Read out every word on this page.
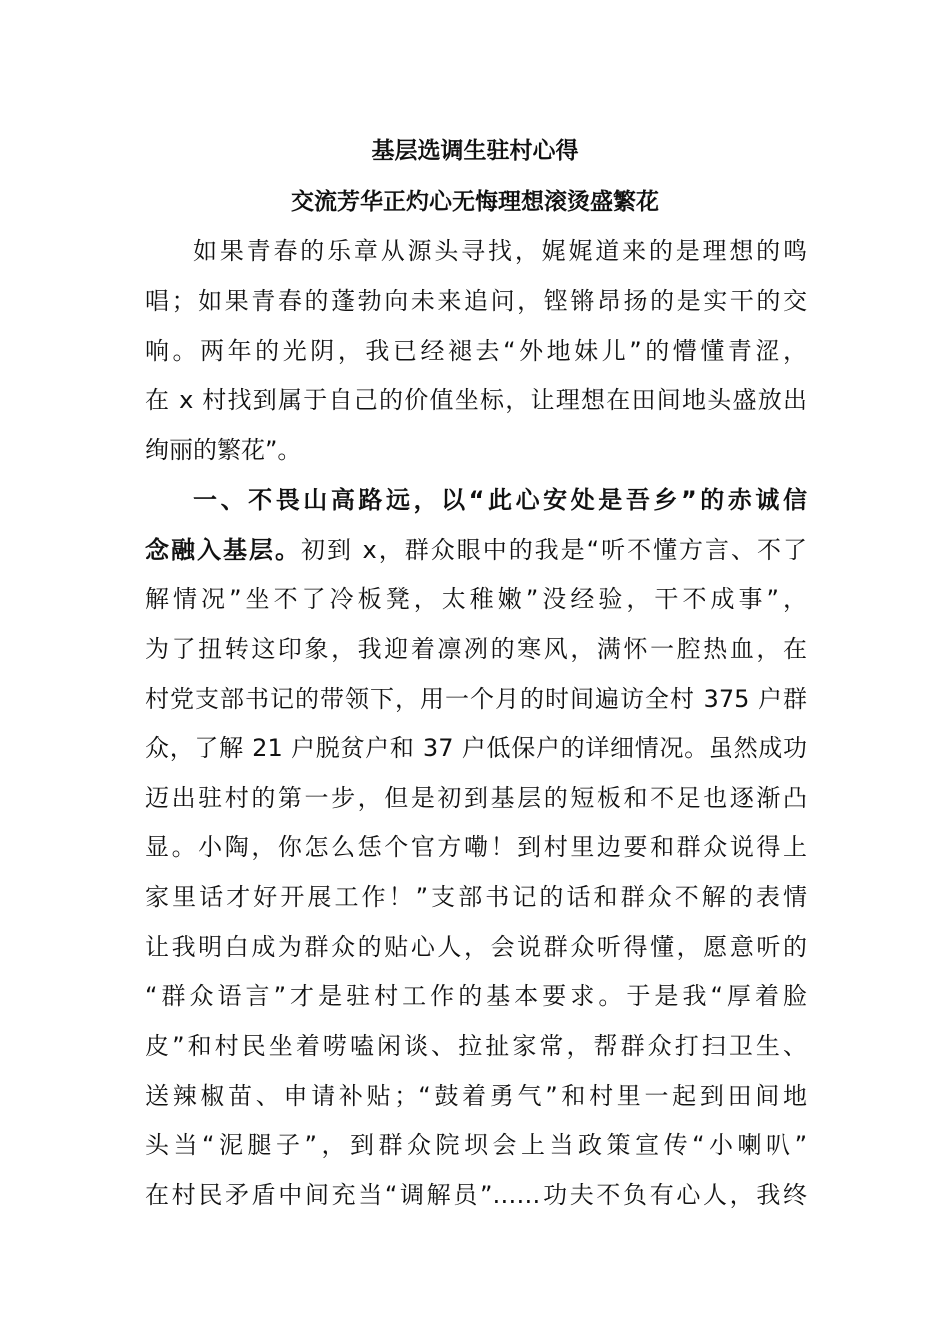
基层选调生驻村心得
交流芳华正灼心无悔理想滚烫盛繁花
如果青春的乐章从源头寻找，娓娓道来的是理想的鸣
唱；如果青春的蓬勃向未来追问，铿锵昂扬的是实干的交
响。两年的光阴，我已经褪去“外地妹儿”的懵懂青涩，
在 x 村找到属于自己的价值坐标，让理想在田间地头盛放出
绚丽的繁花”。
一、不畏山高路远，以“此心安处是吾乡”的赤诚信
念融入基层。初到 x，群众眼中的我是“听不懂方言、不了
解情况”坐不了冷板凳，太稚嫩”没经验，干不成事”，
为了扭转这印象，我迎着凛冽的寒风，满怀一腔热血，在
村党支部书记的带领下，用一个月的时间遍访全村 375 户群
众，了解 21 户脱贫户和 37 户低保户的详细情况。虽然成功
迈出驻村的第一步，但是初到基层的短板和不足也逐渐凸
显。小陶，你怎么恁个官方嘞！到村里边要和群众说得上
家里话才好开展工作！”支部书记的话和群众不解的表情
让我明白成为群众的贴心人，会说群众听得懂，愿意听的
“群众语言”才是驻村工作的基本要求。于是我“厚着脸
皮”和村民坐着唠嗑闲谈、拉扯家常，帮群众打扫卫生、
送辣椒苗、申请补贴；“鼓着勇气”和村里一起到田间地
头当“泥腿子”，到群众院坝会上当政策宣传“小喇叭”
在村民矛盾中间充当“调解员”……功夫不负有心人，我终
